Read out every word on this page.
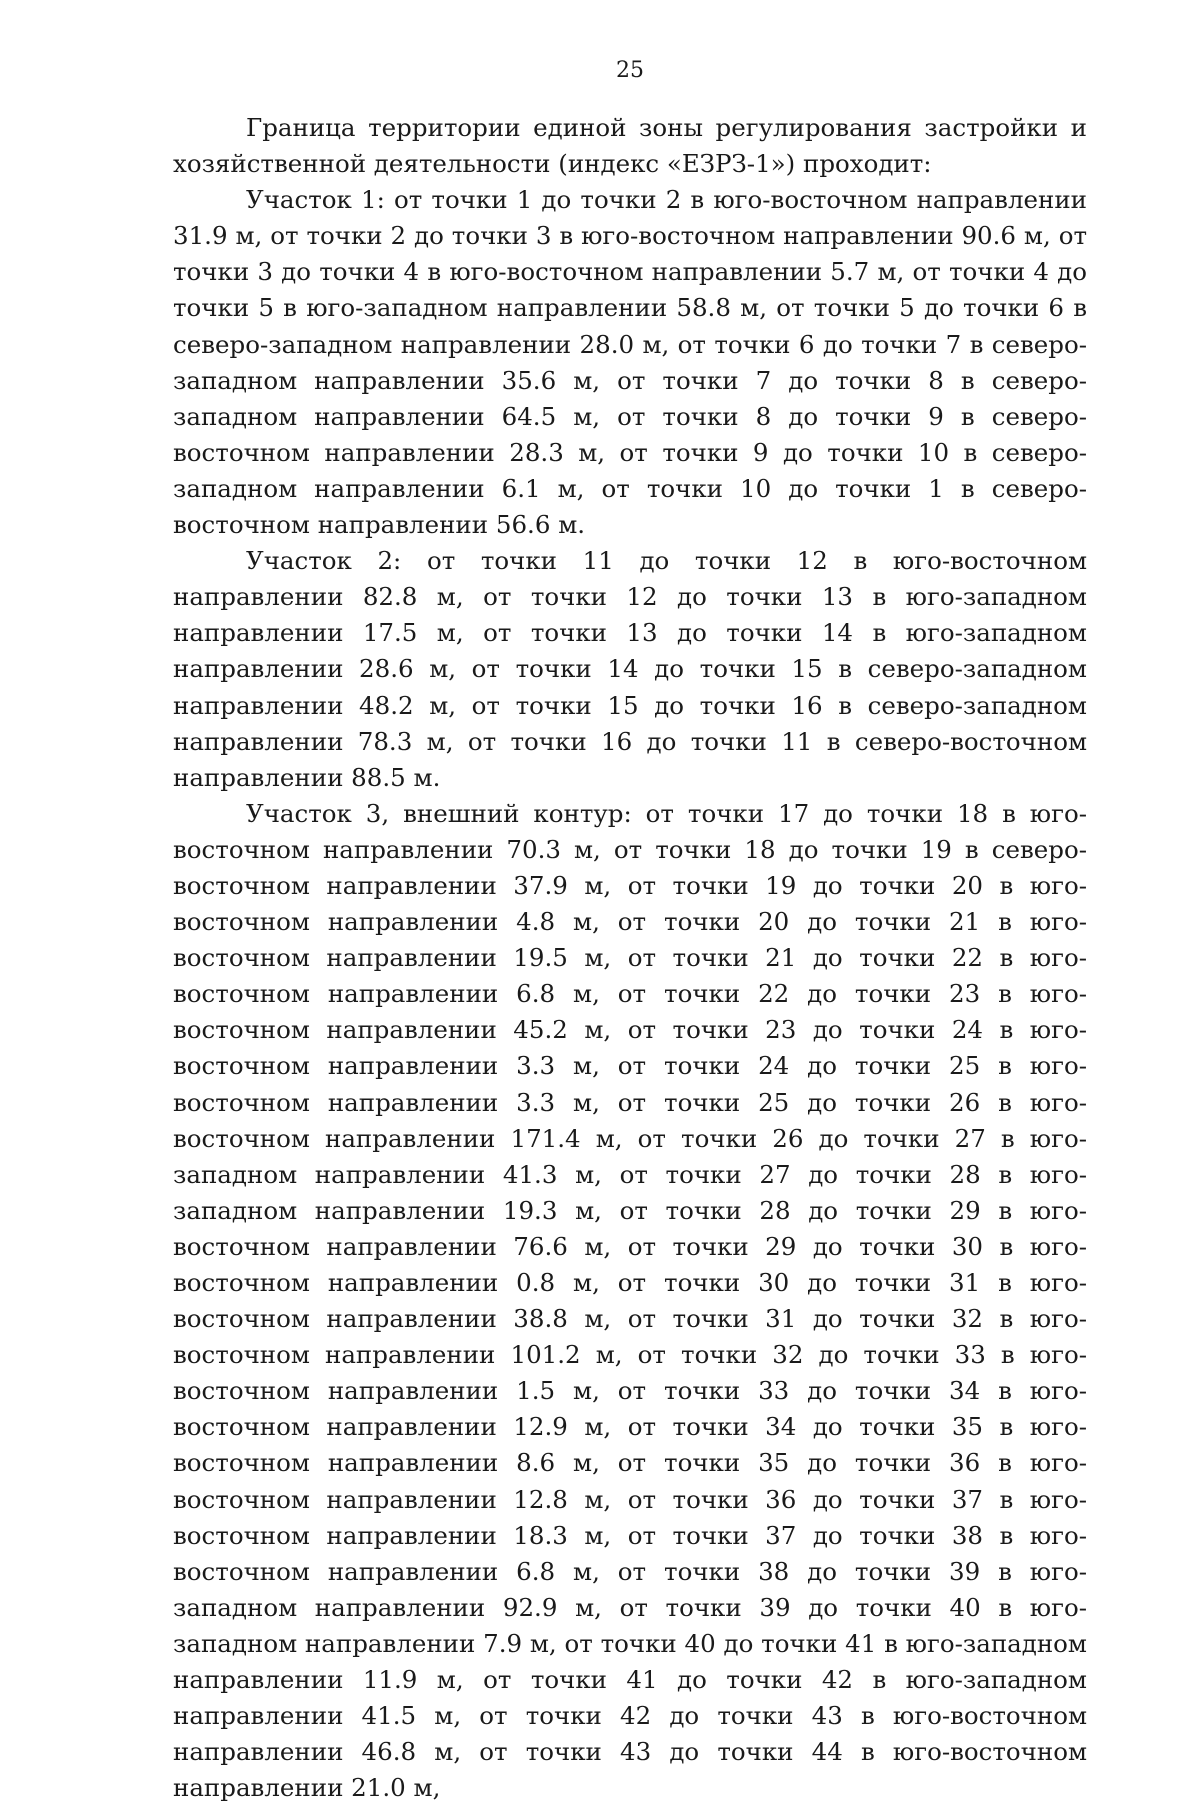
25

Граница территории единой зоны регулирования застройки и хозяйственной деятельности (индекс «ЕЗРЗ-1») проходит:

Участок 1: от точки 1 до точки 2 в юго-восточном направлении 31.9 м, от точки 2 до точки 3 в юго-восточном направлении 90.6 м, от точки 3 до точки 4 в юго-восточном направлении 5.7 м, от точки 4 до точки 5 в юго-западном направлении 58.8 м, от точки 5 до точки 6 в северо-западном направлении 28.0 м, от точки 6 до точки 7 в северо-западном направлении 35.6 м, от точки 7 до точки 8 в северо-западном направлении 64.5 м, от точки 8 до точки 9 в северо-восточном направлении 28.3 м, от точки 9 до точки 10 в северо-западном направлении 6.1 м, от точки 10 до точки 1 в северо-восточном направлении 56.6 м.

Участок 2: от точки 11 до точки 12 в юго-восточном направлении 82.8 м, от точки 12 до точки 13 в юго-западном направлении 17.5 м, от точки 13 до точки 14 в юго-западном направлении 28.6 м, от точки 14 до точки 15 в северо-западном направлении 48.2 м, от точки 15 до точки 16 в северо-западном направлении 78.3 м, от точки 16 до точки 11 в северо-восточном направлении 88.5 м.

Участок 3, внешний контур: от точки 17 до точки 18 в юго-восточном направлении 70.3 м, от точки 18 до точки 19 в северо-восточном направлении 37.9 м, от точки 19 до точки 20 в юго-восточном направлении 4.8 м, от точки 20 до точки 21 в юго-восточном направлении 19.5 м, от точки 21 до точки 22 в юго-восточном направлении 6.8 м, от точки 22 до точки 23 в юго-восточном направлении 45.2 м, от точки 23 до точки 24 в юго-восточном направлении 3.3 м, от точки 24 до точки 25 в юго-восточном направлении 3.3 м, от точки 25 до точки 26 в юго-восточном направлении 171.4 м, от точки 26 до точки 27 в юго-западном направлении 41.3 м, от точки 27 до точки 28 в юго-западном направлении 19.3 м, от точки 28 до точки 29 в юго-восточном направлении 76.6 м, от точки 29 до точки 30 в юго-восточном направлении 0.8 м, от точки 30 до точки 31 в юго-восточном направлении 38.8 м, от точки 31 до точки 32 в юго-восточном направлении 101.2 м, от точки 32 до точки 33 в юго-восточном направлении 1.5 м, от точки 33 до точки 34 в юго-восточном направлении 12.9 м, от точки 34 до точки 35 в юго-восточном направлении 8.6 м, от точки 35 до точки 36 в юго-восточном направлении 12.8 м, от точки 36 до точки 37 в юго-восточном направлении 18.3 м, от точки 37 до точки 38 в юго-восточном направлении 6.8 м, от точки 38 до точки 39 в юго-западном направлении 92.9 м, от точки 39 до точки 40 в юго-западном направлении 7.9 м, от точки 40 до точки 41 в юго-западном направлении 11.9 м, от точки 41 до точки 42 в юго-западном направлении 41.5 м, от точки 42 до точки 43 в юго-восточном направлении 46.8 м, от точки 43 до точки 44 в юго-восточном направлении 21.0 м,
